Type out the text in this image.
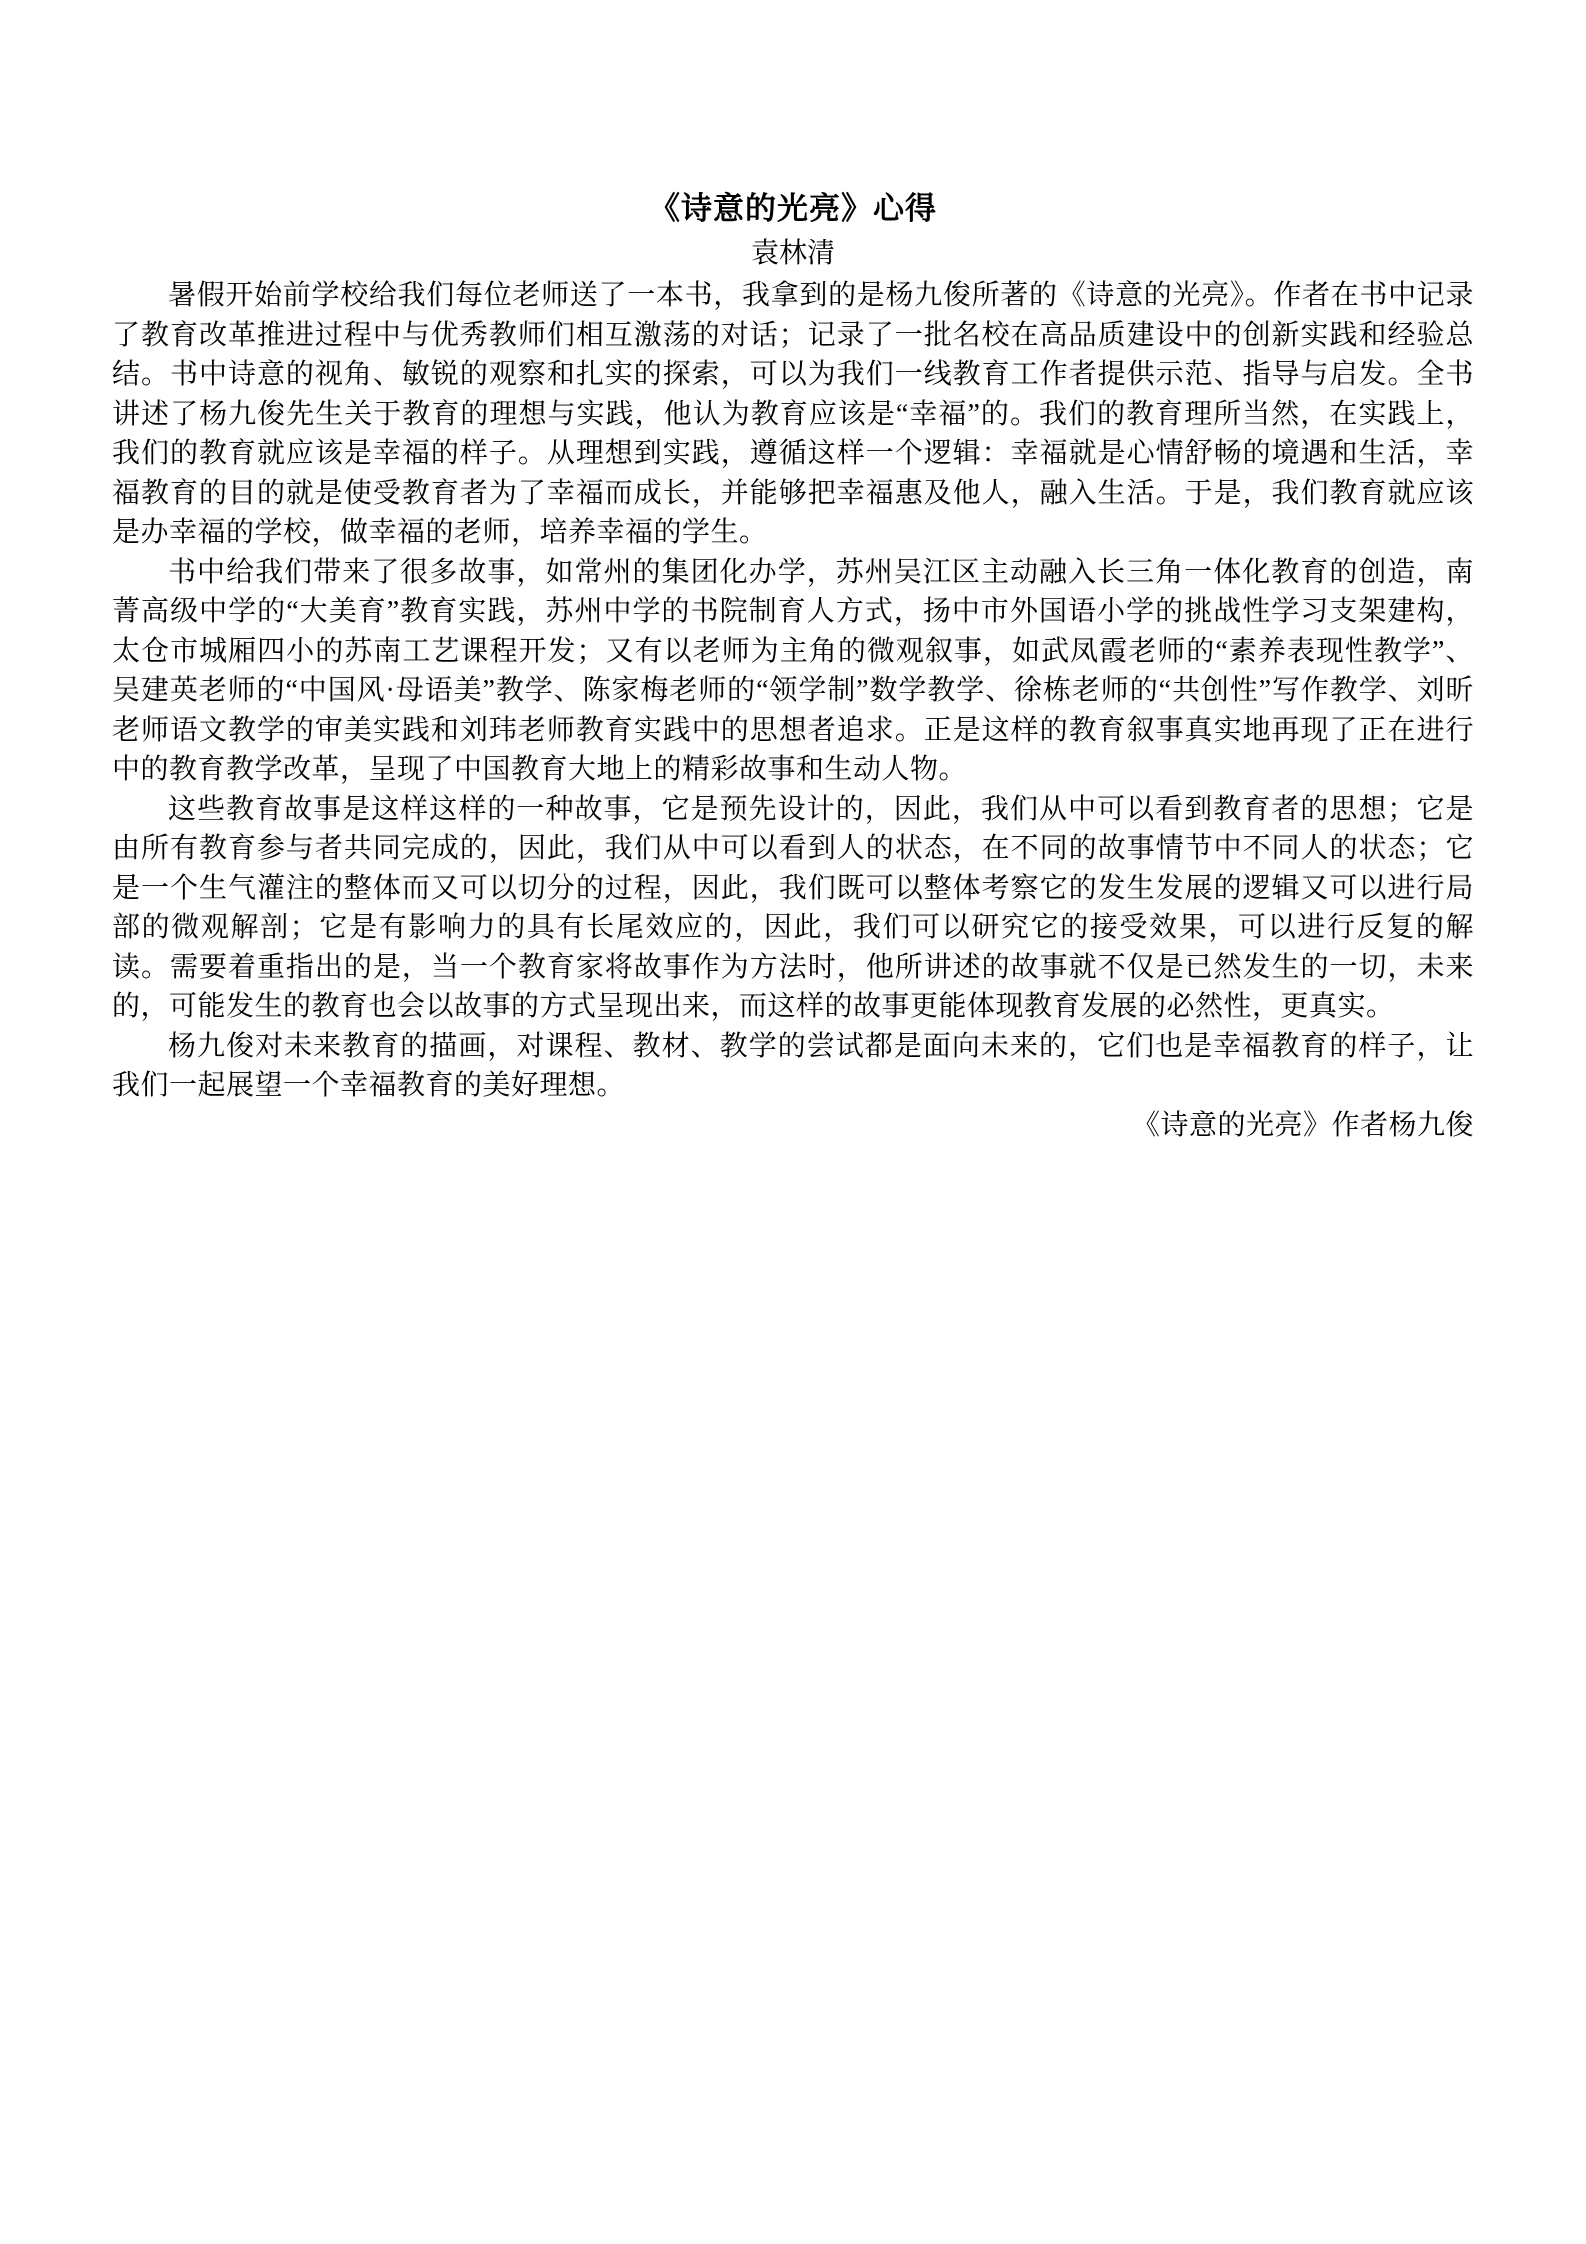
《诗意的光亮》心得
袁林清

暑假开始前学校给我们每位老师送了一本书，我拿到的是杨九俊所著的《诗意的光亮》。作者在书中记录了教育改革推进过程中与优秀教师们相互激荡的对话；记录了一批名校在高品质建设中的创新实践和经验总结。书中诗意的视角、敏锐的观察和扎实的探索，可以为我们一线教育工作者提供示范、指导与启发。全书讲述了杨九俊先生关于教育的理想与实践，他认为教育应该是“幸福”的。我们的教育理所当然，在实践上，我们的教育就应该是幸福的样子。从理想到实践，遵循这样一个逻辑：幸福就是心情舒畅的境遇和生活，幸福教育的目的就是使受教育者为了幸福而成长，并能够把幸福惠及他人，融入生活。于是，我们教育就应该是办幸福的学校，做幸福的老师，培养幸福的学生。

书中给我们带来了很多故事，如常州的集团化办学，苏州吴江区主动融入长三角一体化教育的创造，南菁高级中学的“大美育”教育实践，苏州中学的书院制育人方式，扬中市外国语小学的挑战性学习支架建构，太仓市城厢四小的苏南工艺课程开发；又有以老师为主角的微观叙事，如武凤霞老师的“素养表现性教学”、吴建英老师的“中国风·母语美”教学、陈家梅老师的“领学制”数学教学、徐栋老师的“共创性”写作教学、刘昕老师语文教学的审美实践和刘玮老师教育实践中的思想者追求。正是这样的教育叙事真实地再现了正在进行中的教育教学改革，呈现了中国教育大地上的精彩故事和生动人物。

这些教育故事是这样这样的一种故事，它是预先设计的，因此，我们从中可以看到教育者的思想；它是由所有教育参与者共同完成的，因此，我们从中可以看到人的状态，在不同的故事情节中不同人的状态；它是一个生气灌注的整体而又可以切分的过程，因此，我们既可以整体考察它的发生发展的逻辑又可以进行局部的微观解剖；它是有影响力的具有长尾效应的，因此，我们可以研究它的接受效果，可以进行反复的解读。需要着重指出的是，当一个教育家将故事作为方法时，他所讲述的故事就不仅是已然发生的一切，未来的，可能发生的教育也会以故事的方式呈现出来，而这样的故事更能体现教育发展的必然性，更真实。

杨九俊对未来教育的描画，对课程、教材、教学的尝试都是面向未来的，它们也是幸福教育的样子，让我们一起展望一个幸福教育的美好理想。

《诗意的光亮》作者杨九俊
